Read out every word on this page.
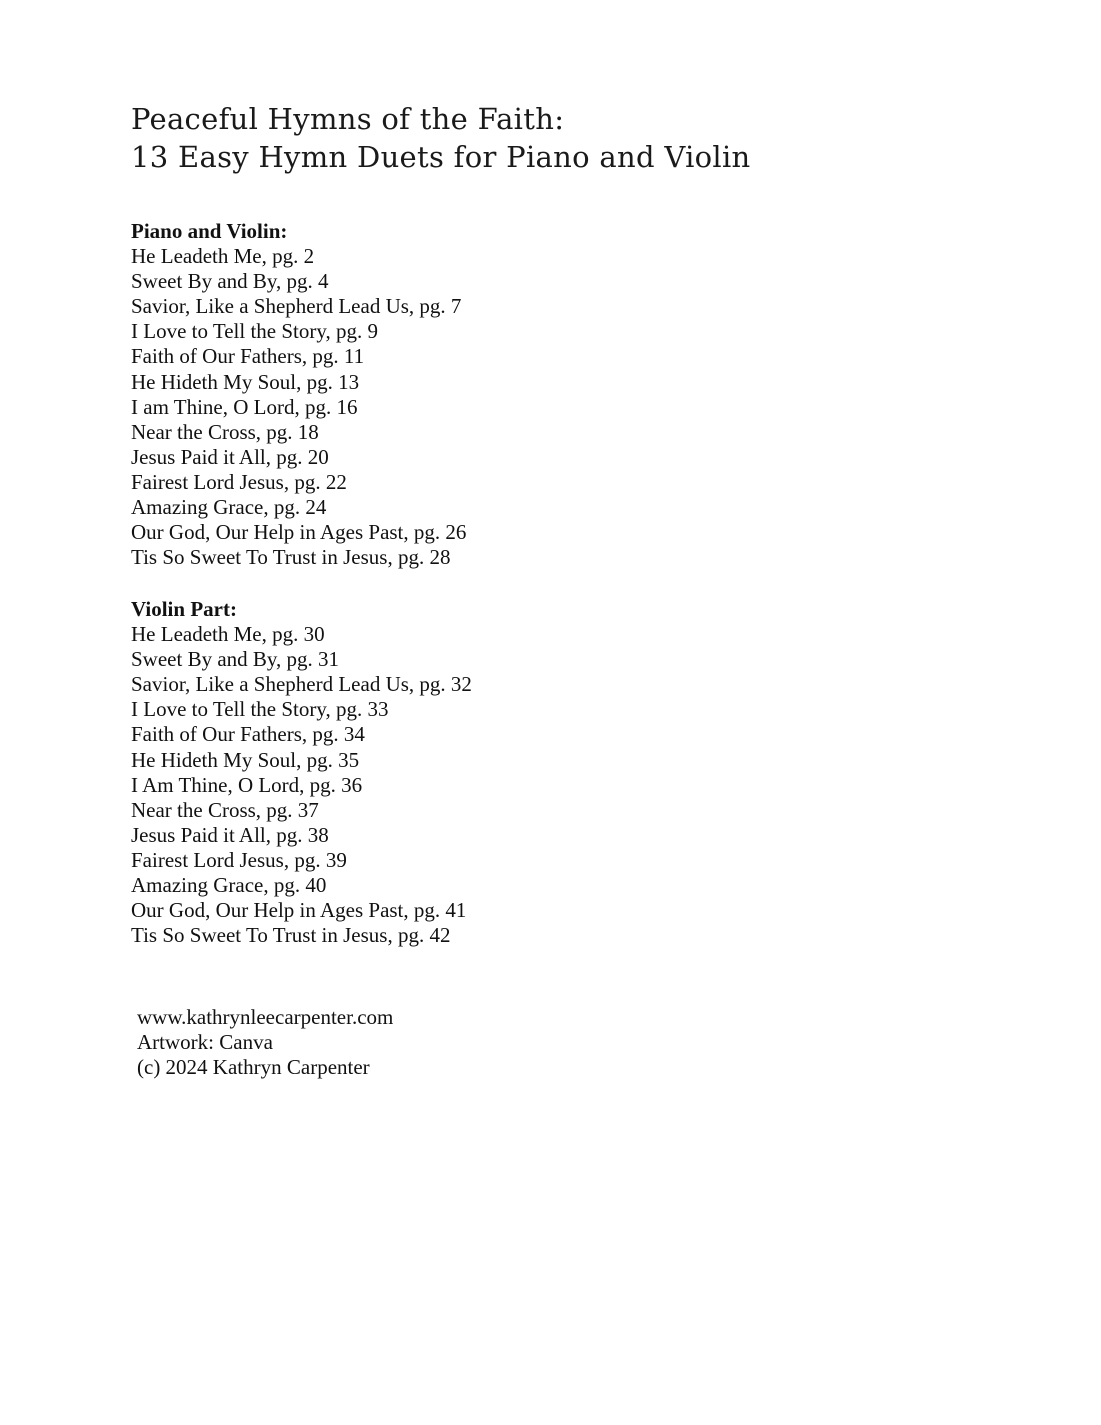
Peaceful Hymns of the Faith:
13 Easy Hymn Duets for Piano and Violin
Piano and Violin:
He Leadeth Me, pg. 2
Sweet By and By, pg. 4
Savior, Like a Shepherd Lead Us, pg. 7
I Love to Tell the Story, pg. 9
Faith of Our Fathers, pg. 11
He Hideth My Soul, pg. 13
I am Thine, O Lord, pg. 16
Near the Cross, pg. 18
Jesus Paid it All, pg. 20
Fairest Lord Jesus, pg. 22
Amazing Grace, pg. 24
Our God, Our Help in Ages Past, pg. 26
Tis So Sweet To Trust in Jesus, pg. 28
Violin Part:
He Leadeth Me, pg. 30
Sweet By and By, pg. 31
Savior, Like a Shepherd Lead Us, pg. 32
I Love to Tell the Story, pg. 33
Faith of Our Fathers, pg. 34
He Hideth My Soul, pg. 35
I Am Thine, O Lord, pg. 36
Near the Cross, pg. 37
Jesus Paid it All, pg. 38
Fairest Lord Jesus, pg. 39
Amazing Grace, pg. 40
Our God, Our Help in Ages Past, pg. 41
Tis So Sweet To Trust in Jesus, pg. 42
www.kathrynleecarpenter.com
Artwork: Canva
(c) 2024 Kathryn Carpenter
